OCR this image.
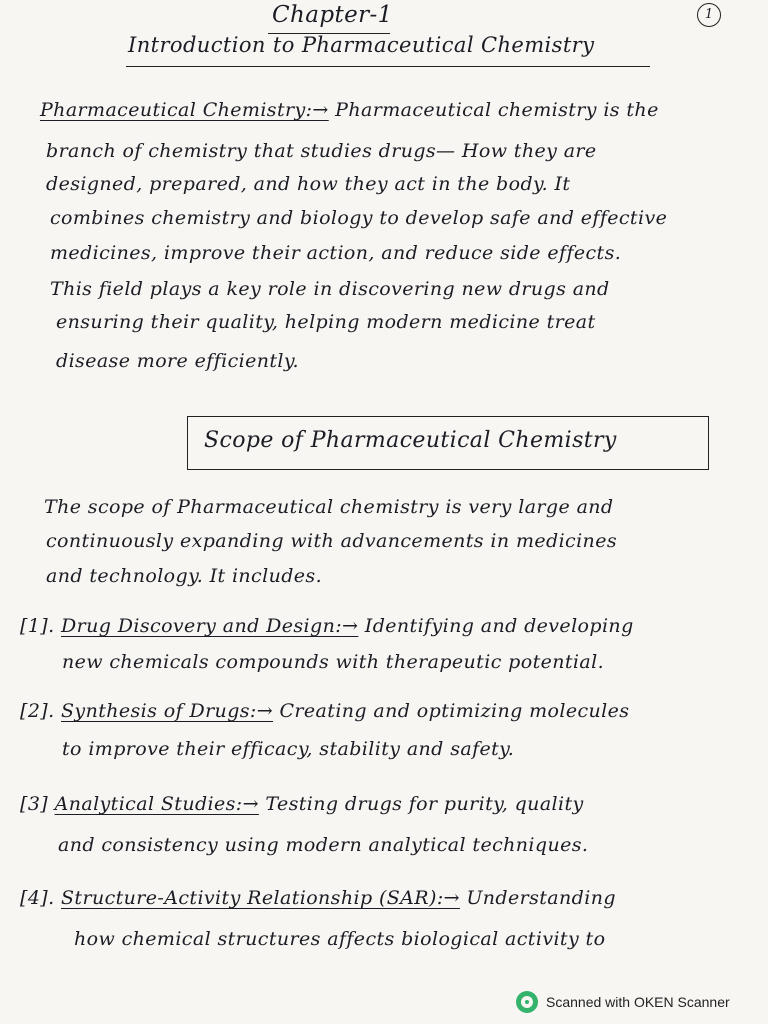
Chapter-1	1
Introduction to Pharmaceutical Chemistry
Pharmaceutical Chemistry:→ Pharmaceutical chemistry is the
branch of chemistry that studies drugs— How they are
designed, prepared, and how they act in the body. It
combines chemistry and biology to develop safe and effective
medicines, improve their action, and reduce side effects.
This field plays a key role in discovering new drugs and
ensuring their quality, helping modern medicine treat
disease more efficiently.
Scope of Pharmaceutical Chemistry
The scope of Pharmaceutical chemistry is very large and
continuously expanding with advancements in medicines
and technology. It includes.
[1]. Drug Discovery and Design:→ Identifying and developing
new chemicals compounds with therapeutic potential.
[2]. Synthesis of Drugs:→ Creating and optimizing molecules
to improve their efficacy, stability and safety.
[3] Analytical Studies:→ Testing drugs for purity, quality
and consistency using modern analytical techniques.
[4]. Structure-Activity Relationship (SAR):→ Understanding
how chemical structures affects biological activity to
Scanned with OKEN Scanner
